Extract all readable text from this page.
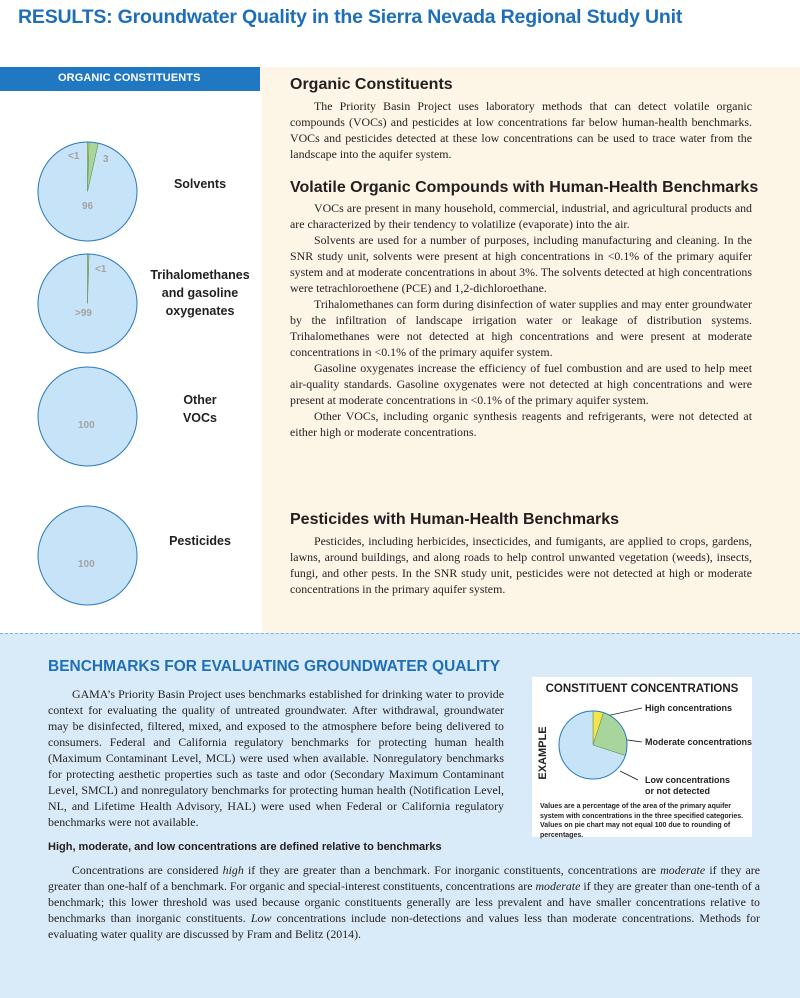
RESULTS: Groundwater Quality in the Sierra Nevada Regional Study Unit
ORGANIC CONSTITUENTS
<1 3
96
Solvents
<1
>99
Trihalomethanes
and gasoline
oxygenates
100
Other
VOCs
100
Pesticides
Organic Constituents

The Priority Basin Project uses laboratory methods that can detect volatile organic compounds (VOCs) and pesticides at low concentrations far below human-health benchmarks. VOCs and pesticides detected at these low concentrations can be used to trace water from the landscape into the aquifer system.

Volatile Organic Compounds with Human-Health Benchmarks

VOCs are present in many household, commercial, industrial, and agricultural products and are characterized by their tendency to volatilize (evaporate) into the air.

Solvents are used for a number of purposes, including manufacturing and cleaning. In the SNR study unit, solvents were present at high concentrations in <0.1% of the primary aquifer system and at moderate concentrations in about 3%. The solvents detected at high concentrations were tetrachloroethene (PCE) and 1,2-dichloroethane.

Trihalomethanes can form during disinfection of water supplies and may enter groundwater by the infiltration of landscape irrigation water or leakage of distribution systems. Trihalomethanes were not detected at high concentrations and were present at moderate concentrations in <0.1% of the primary aquifer system.

Gasoline oxygenates increase the efficiency of fuel combustion and are used to help meet air-quality standards. Gasoline oxygenates were not detected at high concentrations and were present at moderate concentrations in <0.1% of the primary aquifer system.

Other VOCs, including organic synthesis reagents and refrigerants, were not detected at either high or moderate concentrations.

Pesticides with Human-Health Benchmarks

Pesticides, including herbicides, insecticides, and fumigants, are applied to crops, gardens, lawns, around buildings, and along roads to help control unwanted vegetation (weeds), insects, fungi, and other pests. In the SNR study unit, pesticides were not detected at high or moderate concentrations in the primary aquifer system.

BENCHMARKS FOR EVALUATING GROUNDWATER QUALITY

GAMA’s Priority Basin Project uses benchmarks established for drinking water to provide context for evaluating the quality of untreated groundwater. After withdrawal, groundwater may be disinfected, filtered, mixed, and exposed to the atmosphere before being delivered to consumers. Federal and California regulatory benchmarks for protecting human health (Maximum Contaminant Level, MCL) were used when available. Nonregulatory benchmarks for protecting aesthetic properties such as taste and odor (Secondary Maximum Contaminant Level, SMCL) and nonregulatory benchmarks for protecting human health (Notification Level, NL, and Lifetime Health Advisory, HAL) were used when Federal or California regulatory benchmarks were not available.

CONSTITUENT CONCENTRATIONS
EXAMPLE
High concentrations
Moderate concentrations
Low concentrations
or not detected
Values are a percentage of the area of the primary aquifer system with concentrations in the three specified categories. Values on pie chart may not equal 100 due to rounding of percentages.
High, moderate, and low concentrations are defined relative to benchmarks

Concentrations are considered high if they are greater than a benchmark. For inorganic constituents, concentrations are moderate if they are greater than one-half of a benchmark. For organic and special-interest constituents, concentrations are moderate if they are greater than one-tenth of a benchmark; this lower threshold was used because organic constituents generally are less prevalent and have smaller concentrations relative to benchmarks than inorganic constituents. Low concentrations include non-detections and values less than moderate concentrations. Methods for evaluating water quality are discussed by Fram and Belitz (2014).
